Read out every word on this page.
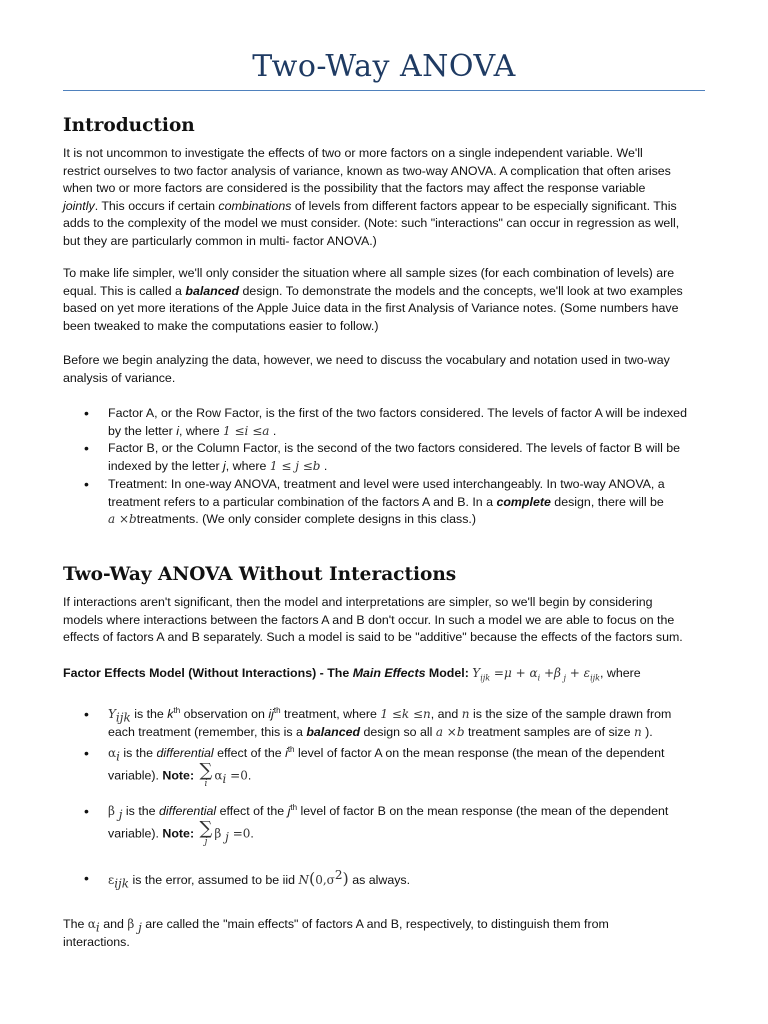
Two-Way ANOVA
Introduction

It is not uncommon to investigate the effects of two or more factors on a single independent variable. We'll
restrict ourselves to two factor analysis of variance, known as two-way ANOVA. A complication that often arises
when two or more factors are considered is the possibility that the factors may affect the response variable
jointly. This occurs if certain combinations of levels from different factors appear to be especially significant. This
adds to the complexity of the model we must consider. (Note: such "interactions" can occur in regression as well,
but they are particularly common in multi- factor ANOVA.)

To make life simpler, we'll only consider the situation where all sample sizes (for each combination of levels) are
equal. This is called a balanced design. To demonstrate the models and the concepts, we'll look at two examples
based on yet more iterations of the Apple Juice data in the first Analysis of Variance notes. (Some numbers have
been tweaked to make the computations easier to follow.)

Before we begin analyzing the data, however, we need to discuss the vocabulary and notation used in two-way
analysis of variance.

• Factor A, or the Row Factor, is the first of the two factors considered. The levels of factor A will be indexed
by the letter i, where 1 ≤i ≤a .
• Factor B, or the Column Factor, is the second of the two factors considered. The levels of factor B will be
indexed by the letter j, where 1 ≤ j ≤b .
• Treatment: In one-way ANOVA, treatment and level were used interchangeably. In two-way ANOVA, a
treatment refers to a particular combination of the factors A and B. In a complete design, there will be
a ×btreatments. (We only consider complete designs in this class.)
Two-Way ANOVA Without Interactions

If interactions aren't significant, then the model and interpretations are simpler, so we'll begin by considering
models where interactions between the factors A and B don't occur. In such a model we are able to focus on the
effects of factors A and B separately. Such a model is said to be "additive" because the effects of the factors sum.

Factor Effects Model (Without Interactions) - The Main Effects Model: $Y_{ijk} =\mu + \alpha_i +\beta$ $_j + \varepsilon_{ijk}$, where

• $Y_{ijk}$ is the $k^{th}$ observation on $ij^{th}$ treatment, where 1 ≤k ≤n, and n is the size of the sample drawn from
each treatment (remember, this is a balanced design so all a ×b treatment samples are of size n ).
• $\alpha_i$ is the differential effect of the $i^{th}$ level of factor A on the mean response (the mean of the dependent
variable). Note: ∑
i
$\alpha_i =0$.
• β $_j$ is the differential effect of the $j^{th}$ level of factor B on the mean response (the mean of the dependent
variable). Note: ∑
j
β $_j$ =0.
• $\varepsilon_{ijk}$ is the error, assumed to be iid $N(0,\sigma^2)$ as always.

The $\alpha_i$ and β $_j$ are called the "main effects" of factors A and B, respectively, to distinguish them from
interactions.
